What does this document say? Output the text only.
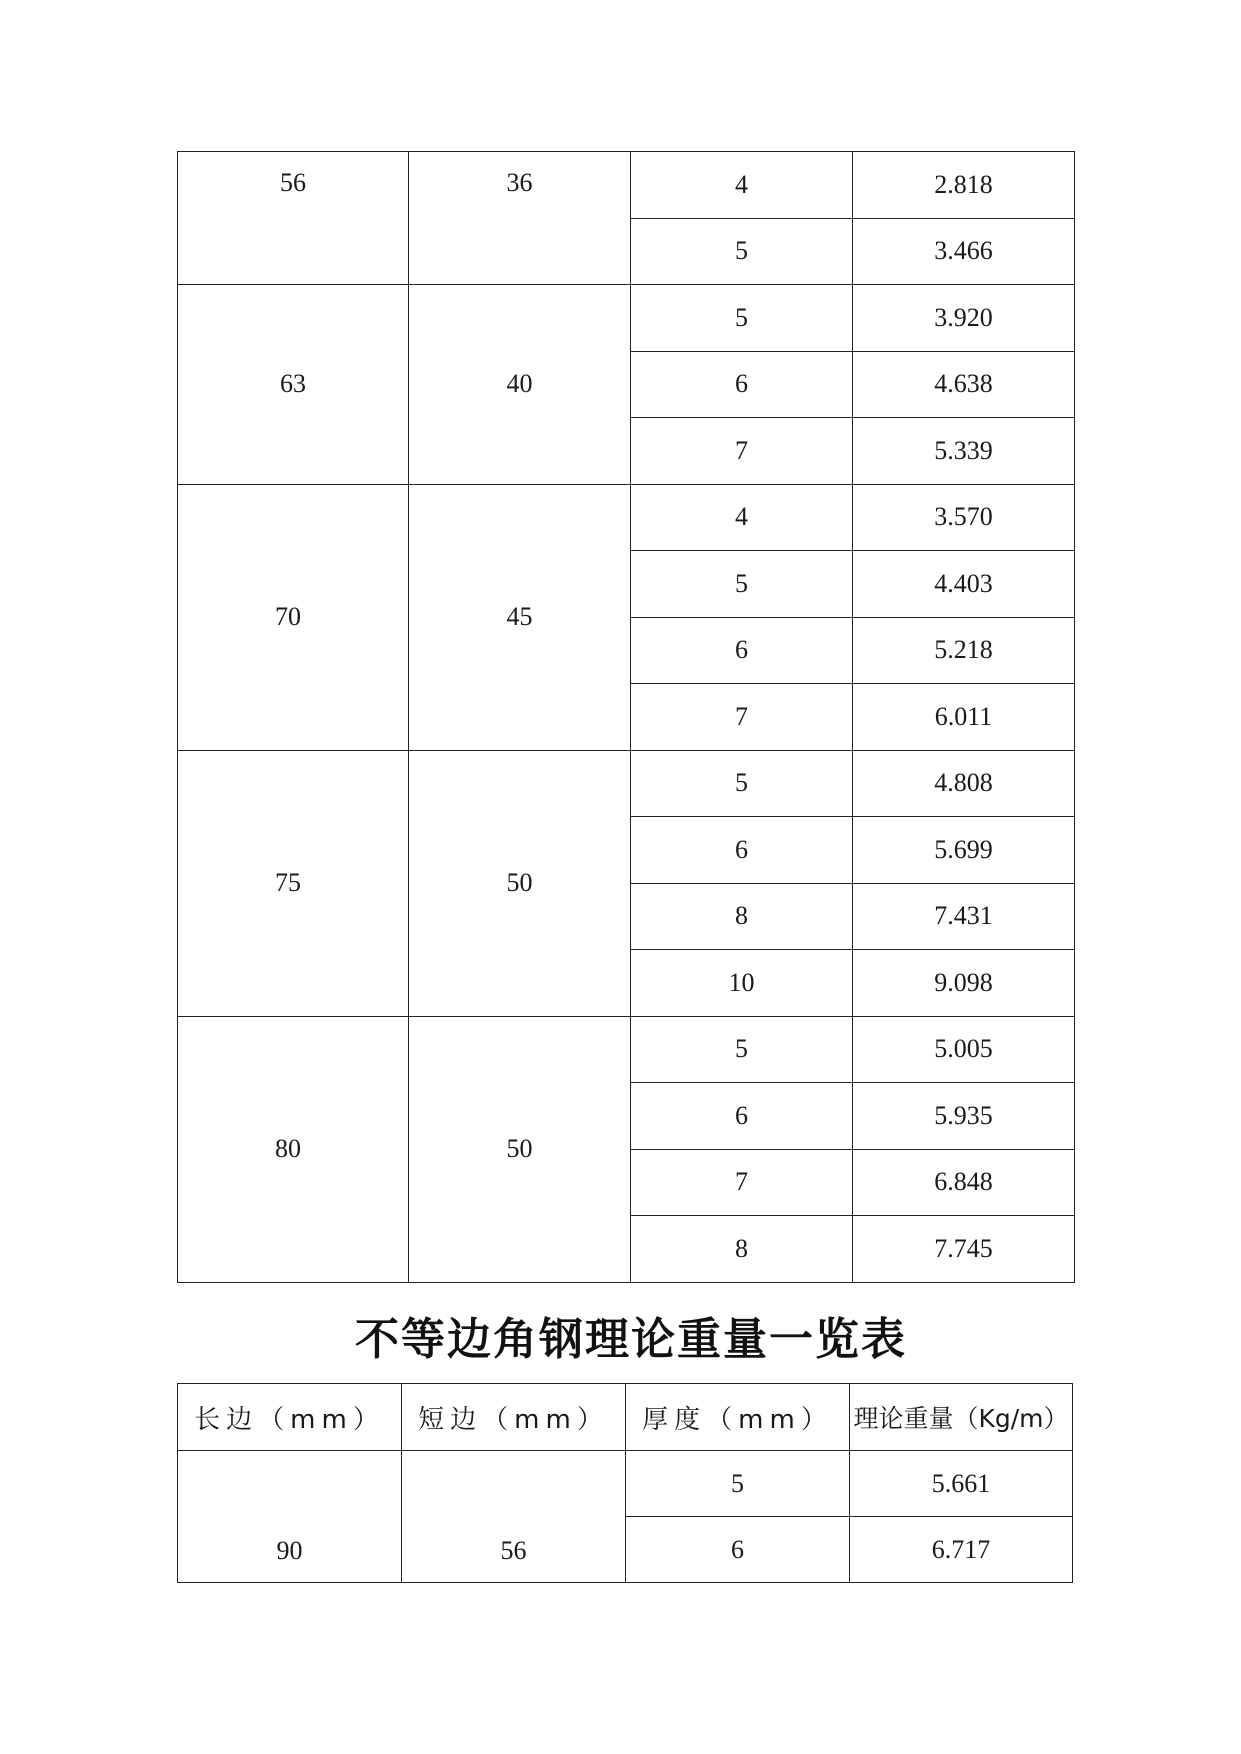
56	36	4	2.818
		5	3.466
63	40	5	3.920
		6	4.638
		7	5.339
70	45	4	3.570
		5	4.403
		6	5.218
		7	6.011
75	50	5	4.808
		6	5.699
		8	7.431
		10	9.098
80	50	5	5.005
		6	5.935
		7	6.848
		8	7.745
不等边角钢理论重量一览表
长边（mm）	短边（mm）	厚度（mm）	理论重量（Kg/m）
90	56	5	5.661
		6	6.717
